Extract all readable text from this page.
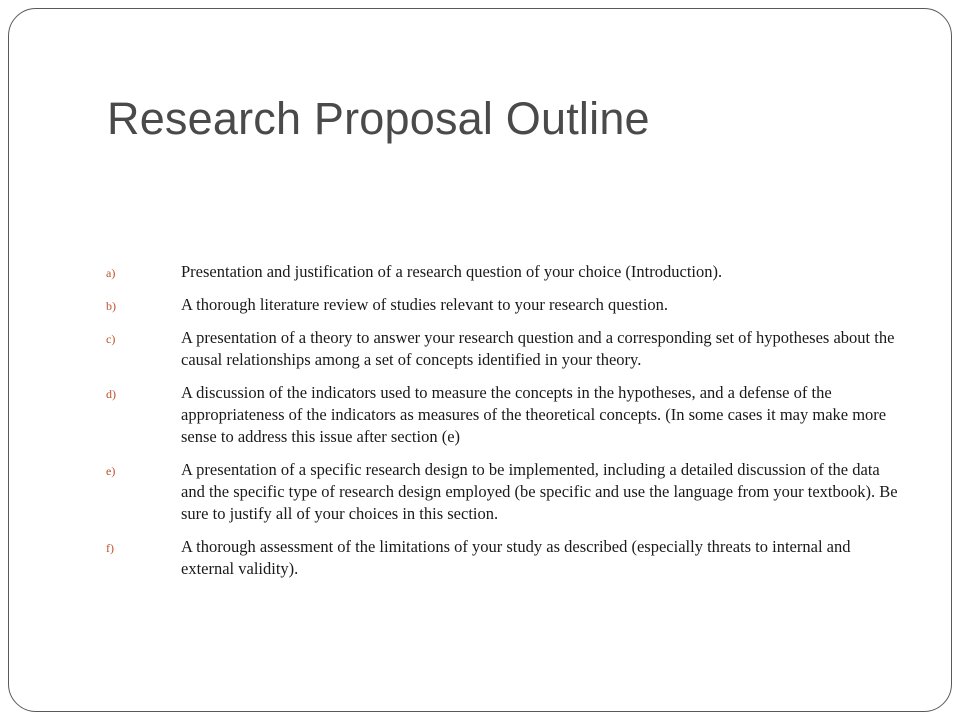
Research Proposal Outline
a)	Presentation and justification of a research question of your choice (Introduction).
b)	A thorough literature review of studies relevant to your research question.
c)	A presentation of a theory to answer your research question and a corresponding set of hypotheses about the causal relationships among a set of concepts identified in your theory.
d)	A discussion of the indicators used to measure the concepts in the hypotheses, and a defense of the appropriateness of the indicators as measures of the theoretical concepts. (In some cases it may make more sense to address this issue after section (e)
e)	A presentation of a specific research design to be implemented, including a detailed discussion of the data and the specific type of research design employed (be specific and use the language from your textbook). Be sure to justify all of your choices in this section.
f)	A thorough assessment of the limitations of your study as described (especially threats to internal and external validity).
